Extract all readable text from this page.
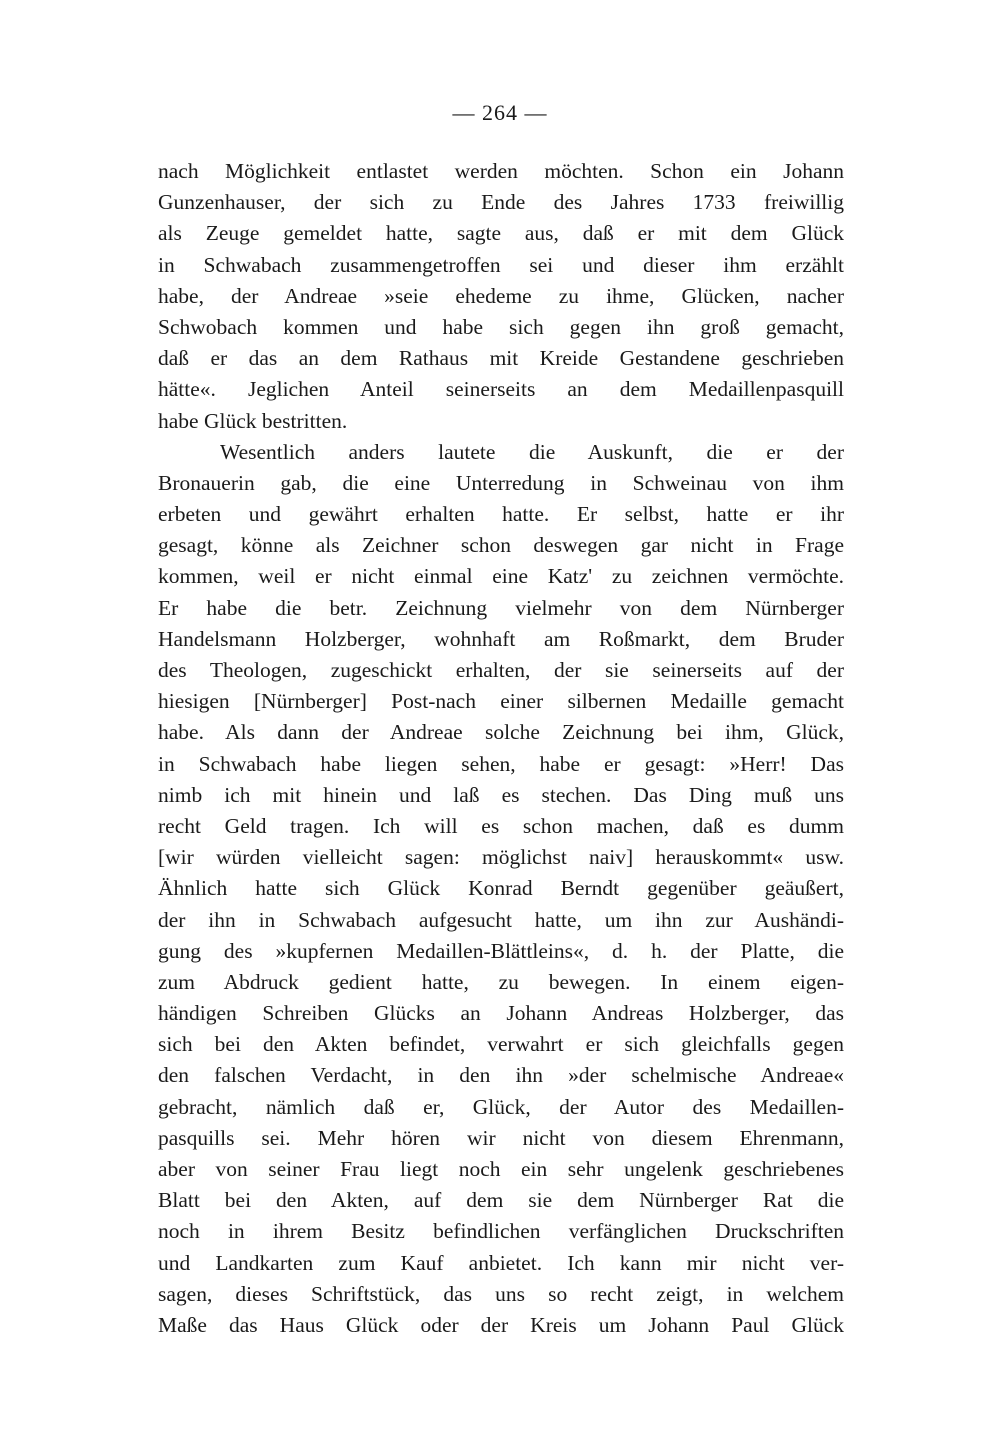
— 264 —
nach Möglichkeit entlastet werden möchten. Schon ein Johann
Gunzenhauser, der sich zu Ende des Jahres 1733 freiwillig
als Zeuge gemeldet hatte, sagte aus, daß er mit dem Glück
in Schwabach zusammengetroffen sei und dieser ihm erzählt
habe, der Andreae »seie ehedeme zu ihme, Glücken, nacher
Schwobach kommen und habe sich gegen ihn groß gemacht,
daß er das an dem Rathaus mit Kreide Gestandene geschrieben
hätte«. Jeglichen Anteil seinerseits an dem Medaillenpasquill
habe Glück bestritten.
Wesentlich anders lautete die Auskunft, die er der
Bronauerin gab, die eine Unterredung in Schweinau von ihm
erbeten und gewährt erhalten hatte. Er selbst, hatte er ihr
gesagt, könne als Zeichner schon deswegen gar nicht in Frage
kommen, weil er nicht einmal eine Katz' zu zeichnen vermöchte.
Er habe die betr. Zeichnung vielmehr von dem Nürnberger
Handelsmann Holzberger, wohnhaft am Roßmarkt, dem Bruder
des Theologen, zugeschickt erhalten, der sie seinerseits auf der
hiesigen [Nürnberger] Post-nach einer silbernen Medaille gemacht
habe. Als dann der Andreae solche Zeichnung bei ihm, Glück,
in Schwabach habe liegen sehen, habe er gesagt: »Herr! Das
nimb ich mit hinein und laß es stechen. Das Ding muß uns
recht Geld tragen. Ich will es schon machen, daß es dumm
[wir würden vielleicht sagen: möglichst naiv] herauskommt« usw.
Ähnlich hatte sich Glück Konrad Berndt gegenüber geäußert,
der ihn in Schwabach aufgesucht hatte, um ihn zur Aushändi-
gung des »kupfernen Medaillen-Blättleins«, d. h. der Platte, die
zum Abdruck gedient hatte, zu bewegen. In einem eigen-
händigen Schreiben Glücks an Johann Andreas Holzberger, das
sich bei den Akten befindet, verwahrt er sich gleichfalls gegen
den falschen Verdacht, in den ihn »der schelmische Andreae«
gebracht, nämlich daß er, Glück, der Autor des Medaillen-
pasquills sei. Mehr hören wir nicht von diesem Ehrenmann,
aber von seiner Frau liegt noch ein sehr ungelenk geschriebenes
Blatt bei den Akten, auf dem sie dem Nürnberger Rat die
noch in ihrem Besitz befindlichen verfänglichen Druckschriften
und Landkarten zum Kauf anbietet. Ich kann mir nicht ver-
sagen, dieses Schriftstück, das uns so recht zeigt, in welchem
Maße das Haus Glück oder der Kreis um Johann Paul Glück
